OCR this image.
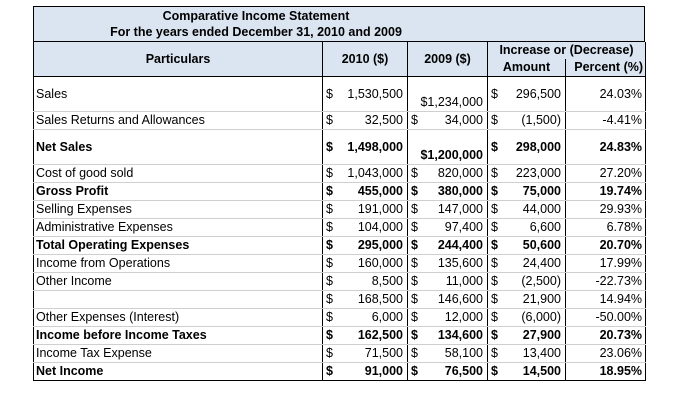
Comparative Income Statement
For the years ended December 31, 2010 and 2009
Particulars	2010 ($)	2009 ($)	Increase or (Decrease)	
			Amount	Percent (%)
Sales	$ 1,530,500	$1,234,000	$ 296,500	24.03%
Sales Returns and Allowances	$ 32,500	$ 34,000	$ (1,500)	-4.41%
Net Sales	$ 1,498,000	$1,200,000	$ 298,000	24.83%
Cost of good sold	$ 1,043,000	$ 820,000	$ 223,000	27.20%
Gross Profit	$ 455,000	$ 380,000	$ 75,000	19.74%
Selling Expenses	$ 191,000	$ 147,000	$ 44,000	29.93%
Administrative Expenses	$ 104,000	$ 97,400	$ 6,600	6.78%
Total Operating Expenses	$ 295,000	$ 244,400	$ 50,600	20.70%
Income from Operations	$ 160,000	$ 135,600	$ 24,400	17.99%
Other Income	$ 8,500	$ 11,000	$ (2,500)	-22.73%
	$ 168,500	$ 146,600	$ 21,900	14.94%
Other Expenses (Interest)	$ 6,000	$ 12,000	$ (6,000)	-50.00%
Income before Income Taxes	$ 162,500	$ 134,600	$ 27,900	20.73%
Income Tax Expense	$ 71,500	$ 58,100	$ 13,400	23.06%
Net Income	$ 91,000	$ 76,500	$ 14,500	18.95%
